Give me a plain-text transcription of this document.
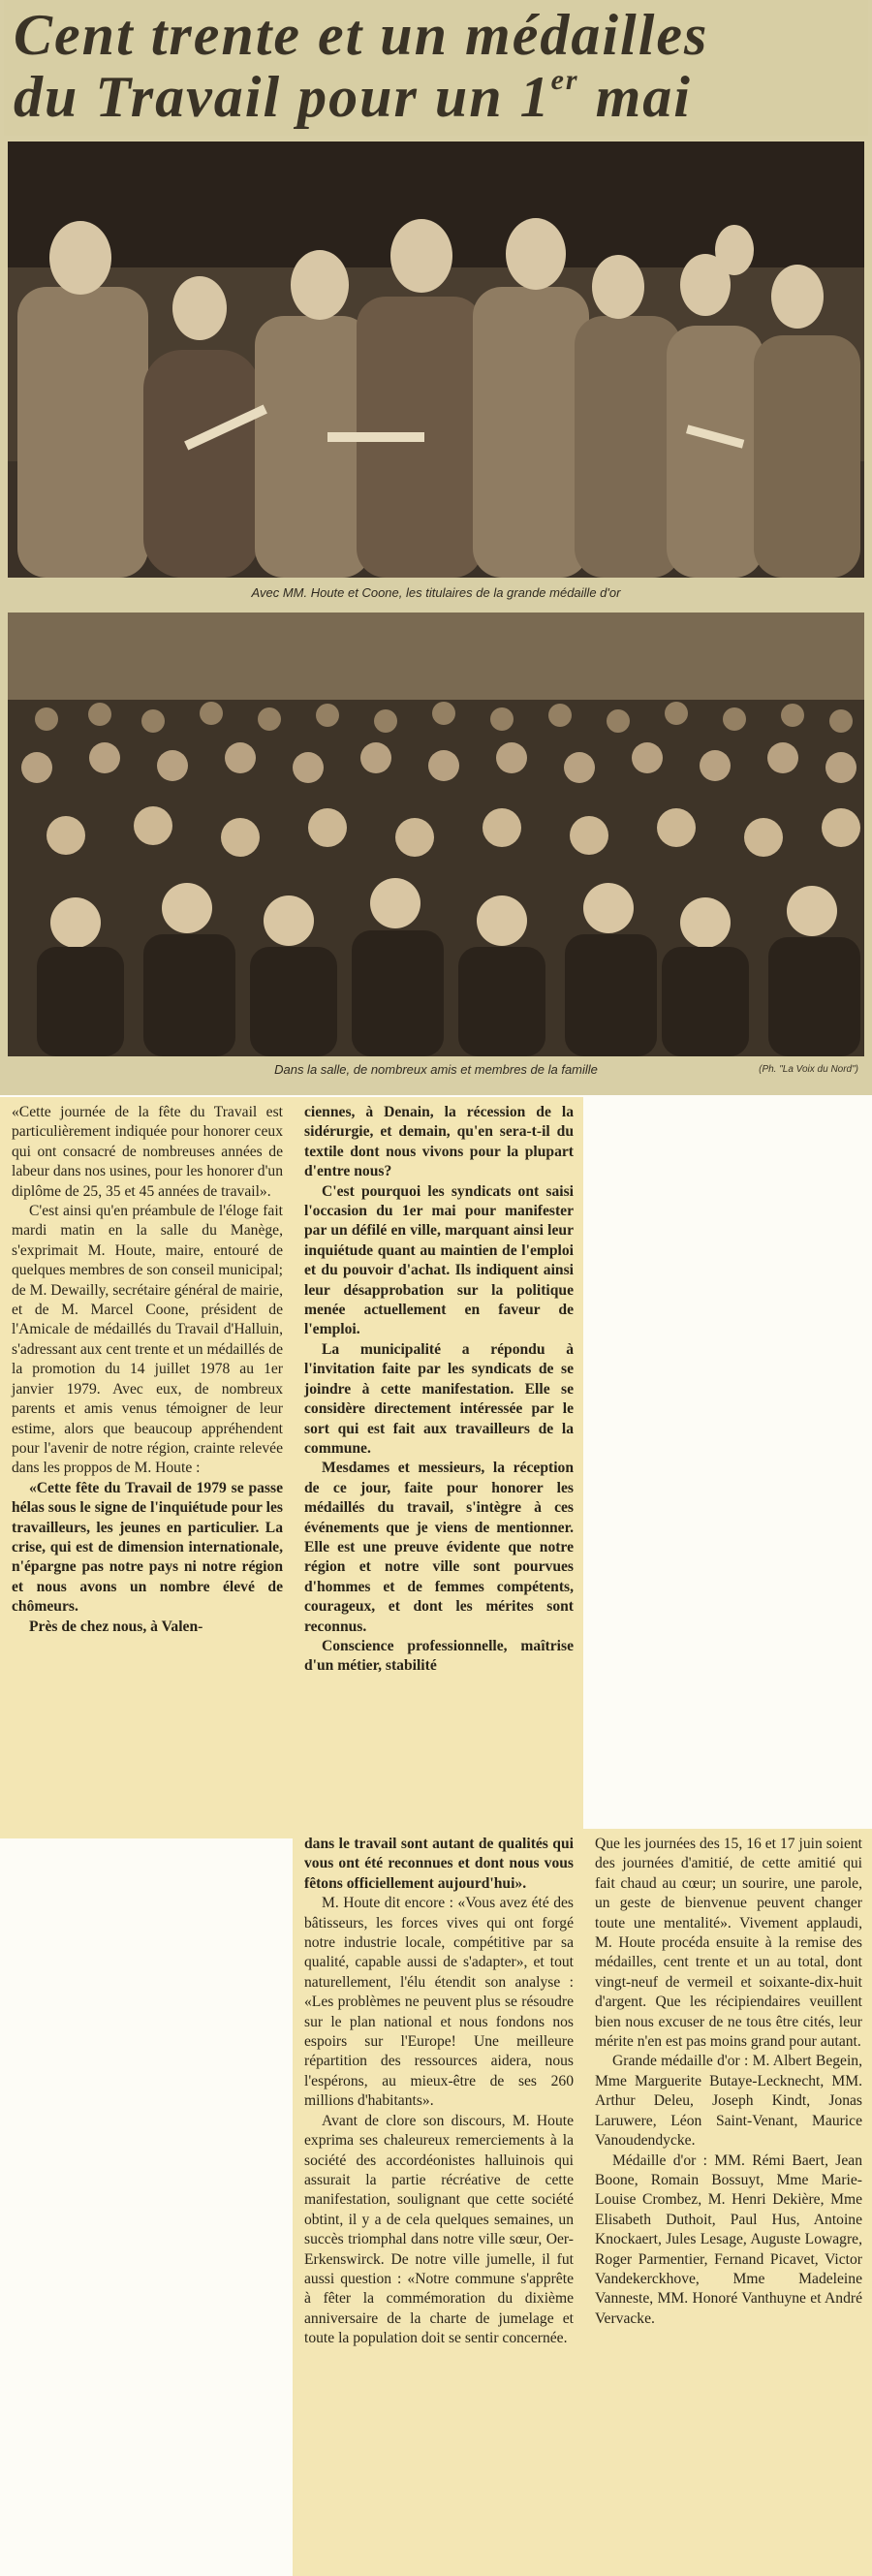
Cent trente et un médailles
du Travail pour un 1er mai
Avec MM. Houte et Coone, les titulaires de la grande médaille d'or
Dans la salle, de nombreux amis et membres de la famille	(Ph. "La Voix du Nord")

«Cette journée de la fête du Travail est particulièrement indiquée pour honorer ceux qui ont consacré de nombreuses années de labeur dans nos usines, pour les honorer d'un diplôme de 25, 35 et 45 années de travail».

C'est ainsi qu'en préambule de l'éloge fait mardi matin en la salle du Manège, s'exprimait M. Houte, maire, entouré de quelques membres de son conseil municipal; de M. Dewailly, secrétaire général de mairie, et de M. Marcel Coone, président de l'Amicale de médaillés du Travail d'Halluin, s'adressant aux cent trente et un médaillés de la promotion du 14 juillet 1978 au 1er janvier 1979. Avec eux, de nombreux parents et amis venus témoigner de leur estime, alors que beaucoup appréhendent pour l'avenir de notre région, crainte relevée dans les proppos de M. Houte :

«Cette fête du Travail de 1979 se passe hélas sous le signe de l'inquiétude pour les travailleurs, les jeunes en particulier. La crise, qui est de dimension internationale, n'épargne pas notre pays ni notre région et nous avons un nombre élevé de chômeurs.

Près de chez nous, à Valen-

ciennes, à Denain, la récession de la sidérurgie, et demain, qu'en sera-t-il du textile dont nous vivons pour la plupart d'entre nous?

C'est pourquoi les syndicats ont saisi l'occasion du 1er mai pour manifester par un défilé en ville, marquant ainsi leur inquiétude quant au maintien de l'emploi et du pouvoir d'achat. Ils indiquent ainsi leur désapprobation sur la politique menée actuellement en faveur de l'emploi.

La municipalité a répondu à l'invitation faite par les syndicats de se joindre à cette manifestation. Elle se considère directement intéressée par le sort qui est fait aux travailleurs de la commune.

Mesdames et messieurs, la réception de ce jour, faite pour honorer les médaillés du travail, s'intègre à ces événements que je viens de mentionner. Elle est une preuve évidente que notre région et notre ville sont pourvues d'hommes et de femmes compétents, courageux, et dont les mérites sont reconnus.

Conscience professionnelle, maîtrise d'un métier, stabilité

dans le travail sont autant de qualités qui vous ont été reconnues et dont nous vous fêtons officiellement aujourd'hui».

M. Houte dit encore : «Vous avez été des bâtisseurs, les forces vives qui ont forgé notre industrie locale, compétitive par sa qualité, capable aussi de s'adapter», et tout naturellement, l'élu étendit son analyse : «Les problèmes ne peuvent plus se résoudre sur le plan national et nous fondons nos espoirs sur l'Europe! Une meilleure répartition des ressources aidera, nous l'espérons, au mieux-être de ses 260 millions d'habitants».

Avant de clore son discours, M. Houte exprima ses chaleureux remerciements à la société des accordéonistes halluinois qui assurait la partie récréative de cette manifestation, soulignant que cette société obtint, il y a de cela quelques semaines, un succès triomphal dans notre ville sœur, Oer-Erkenswirck. De notre ville jumelle, il fut aussi question : «Notre commune s'apprête à fêter la commémoration du dixième anniversaire de la charte de jumelage et toute la population doit se sentir concernée.

Que les journées des 15, 16 et 17 juin soient des journées d'amitié, de cette amitié qui fait chaud au cœur; un sourire, une parole, un geste de bienvenue peuvent changer toute une mentalité». Vivement applaudi, M. Houte procéda ensuite à la remise des médailles, cent trente et un au total, dont vingt-neuf de vermeil et soixante-dix-huit d'argent. Que les récipiendaires veuillent bien nous excuser de ne tous être cités, leur mérite n'en est pas moins grand pour autant.

Grande médaille d'or : M. Albert Begein, Mme Marguerite Butaye-Lecknecht, MM. Arthur Deleu, Joseph Kindt, Jonas Laruwere, Léon Saint-Venant, Maurice Vanoudendycke.

Médaille d'or : MM. Rémi Baert, Jean Boone, Romain Bossuyt, Mme Marie-Louise Crombez, M. Henri Dekière, Mme Elisabeth Duthoit, Paul Hus, Antoine Knockaert, Jules Lesage, Auguste Lowagre, Roger Parmentier, Fernand Picavet, Victor Vandekerckhove, Mme Madeleine Vanneste, MM. Honoré Vanthuyne et André Vervacke.
